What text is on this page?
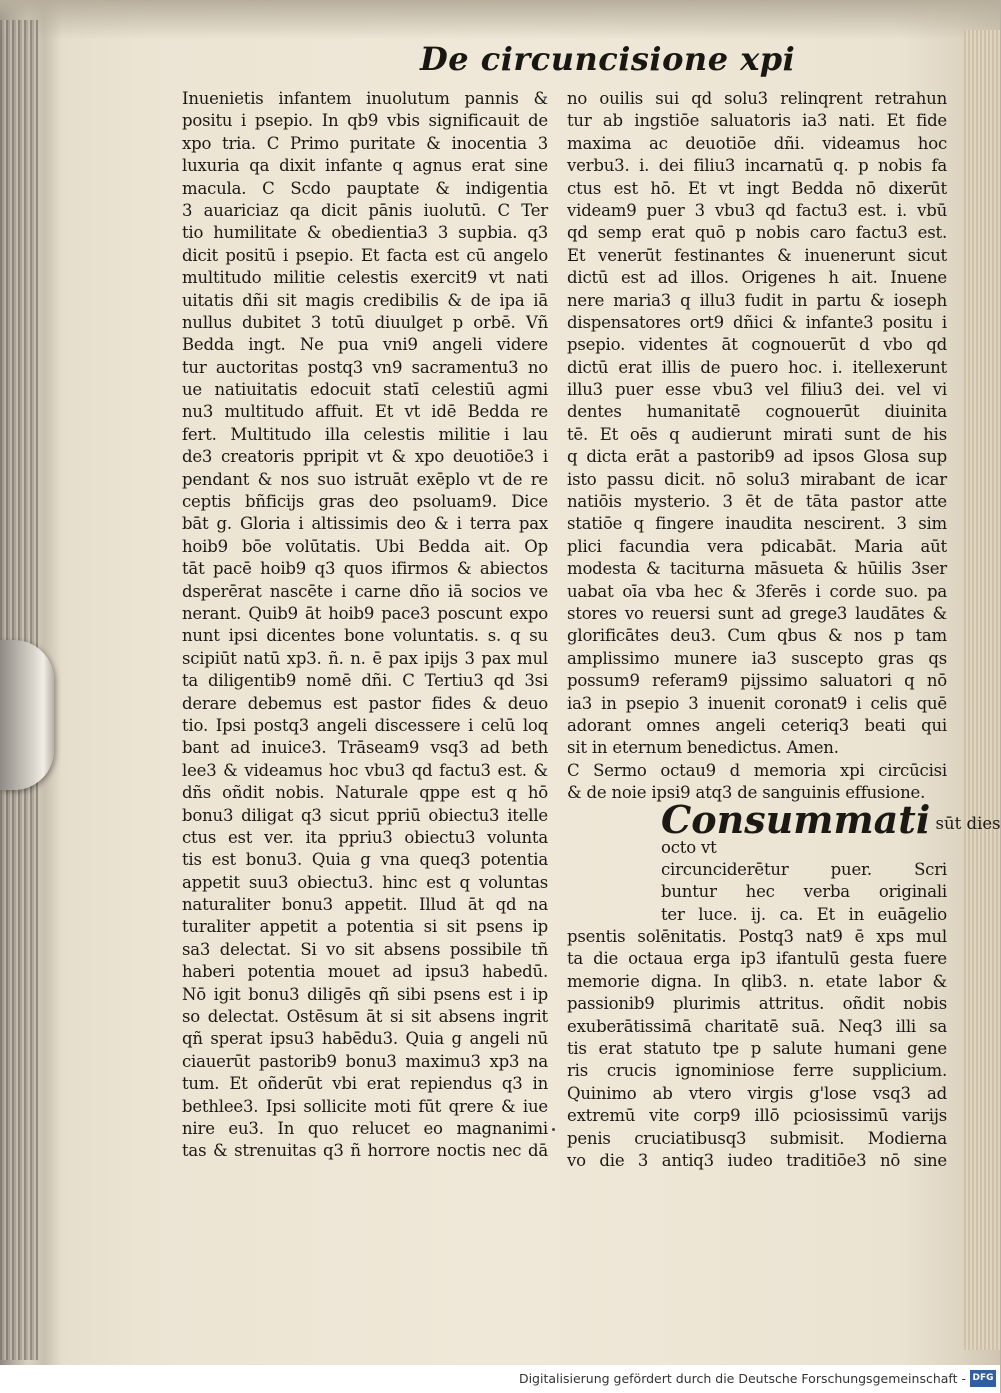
De circuncisione xpi
Inuenietis infantem inuolutum pannis &
positu i psepio. In qb9 vbis significauit de
xpo tria. C Primo puritate & inocentia 3
luxuria qa dixit infante q agnus erat sine
macula. C Scdo pauptate & indigentia
3 auariciaz qa dicit pānis iuolutū. C Ter
tio humilitate & obedientia3 3 supbia. q3
dicit positū i psepio. Et facta est cū angelo
multitudo militie celestis exercit9 vt nati
uitatis dñi sit magis credibilis & de ipa iā
nullus dubitet 3 totū diuulget p orbē. Vñ
Bedda ingt. Ne pua vni9 angeli videre
tur auctoritas postq3 vn9 sacramentu3 no
ue natiuitatis edocuit statī celestiū agmi
nu3 multitudo affuit. Et vt idē Bedda re
fert. Multitudo illa celestis militie i lau
de3 creatoris ppripit vt & xpo deuotiōe3 i
pendant & nos suo istruāt exēplo vt de re
ceptis bñficijs gras deo psoluam9. Dice
bāt g. Gloria i altissimis deo & i terra pax
hoib9 bōe volūtatis. Ubi Bedda ait. Op
tāt pacē hoib9 q3 quos ifirmos & abiectos
dsperērat nascēte i carne dño iā socios ve
nerant. Quib9 āt hoib9 pace3 poscunt expo
nunt ipsi dicentes bone voluntatis. s. q su
scipiūt natū xp3. ñ. n. ē pax ipijs 3 pax mul
ta diligentib9 nomē dñi. C Tertiu3 qd 3si
derare debemus est pastor fides & deuo
tio. Ipsi postq3 angeli discessere i celū loq
bant ad inuice3. Trāseam9 vsq3 ad beth
lee3 & videamus hoc vbu3 qd factu3 est. &
dñs oñdit nobis. Naturale qppe est q hō
bonu3 diligat q3 sicut ppriū obiectu3 itelle
ctus est ver. ita ppriu3 obiectu3 volunta
tis est bonu3. Quia g vna queq3 potentia
appetit suu3 obiectu3. hinc est q voluntas
naturaliter bonu3 appetit. Illud āt qd na
turaliter appetit a potentia si sit psens ip
sa3 delectat. Si vo sit absens possibile tñ
haberi potentia mouet ad ipsu3 habedū.
Nō igit bonu3 diligēs qñ sibi psens est i ip
so delectat. Ostēsum āt si sit absens ingrit
qñ sperat ipsu3 habēdu3. Quia g angeli nū
ciauerūt pastorib9 bonu3 maximu3 xp3 na
tum. Et oñderūt vbi erat repiendus q3 in
bethlee3. Ipsi sollicite moti fūt qrere & iue
nire eu3. In quo relucet eo magnanimi
tas & strenuitas q3 ñ horrore noctis nec dā
no ouilis sui qd solu3 relinqrent retrahun
tur ab ingstiōe saluatoris ia3 nati. Et fide
maxima ac deuotiōe dñi. videamus hoc
verbu3. i. dei filiu3 incarnatū q. p nobis fa
ctus est hō. Et vt ingt Bedda nō dixerūt
videam9 puer 3 vbu3 qd factu3 est. i. vbū
qd semp erat quō p nobis caro factu3 est.
Et venerūt festinantes & inuenerunt sicut
dictū est ad illos. Origenes h ait. Inuene
nere maria3 q illu3 fudit in partu & ioseph
dispensatores ort9 dñici & infante3 positu i
psepio. videntes āt cognouerūt d vbo qd
dictū erat illis de puero hoc. i. itellexerunt
illu3 puer esse vbu3 vel filiu3 dei. vel vi
dentes humanitatē cognouerūt diuinita
tē. Et oēs q audierunt mirati sunt de his
q dicta erāt a pastorib9 ad ipsos Glosa sup
isto passu dicit. nō solu3 mirabant de icar
natiōis mysterio. 3 ēt de tāta pastor atte
statiōe q fingere inaudita nescirent. 3 sim
plici facundia vera pdicabāt. Maria aūt
modesta & taciturna māsueta & hūilis 3ser
uabat oīa vba hec & 3ferēs i corde suo. pa
stores vo reuersi sunt ad grege3 laudātes &
glorificātes deu3. Cum qbus & nos p tam
amplissimo munere ia3 suscepto gras qs
possum9 referam9 pijssimo saluatori q nō
ia3 in psepio 3 inuenit coronat9 i celis quē
adorant omnes angeli ceteriq3 beati qui
sit in eternum benedictus. Amen.
C Sermo octau9 d memoria xpi circūcisi
& de noie ipsi9 atq3 de sanguinis effusione.
Consummati sūt dies
octo vt
circunciderētur puer. Scri
buntur hec verba originali
ter luce. ij. ca. Et in euāgelio
psentis solēnitatis. Postq3 nat9 ē xps mul
ta die octaua erga ip3 ifantulū gesta fuere
memorie digna. In qlib3. n. etate labor &
passionib9 plurimis attritus. oñdit nobis
exuberātissimā charitatē suā. Neq3 illi sa
tis erat statuto tpe p salute humani gene
ris crucis ignominiose ferre supplicium.
Quinimo ab vtero virgis g'lose vsq3 ad
extremū vite corp9 illō pciosissimū varijs
penis cruciatibusq3 submisit. Modierna
vo die 3 antiq3 iudeo traditiōe3 nō sine
Digitalisierung gefördert durch die Deutsche Forschungsgemeinschaft - DFG
